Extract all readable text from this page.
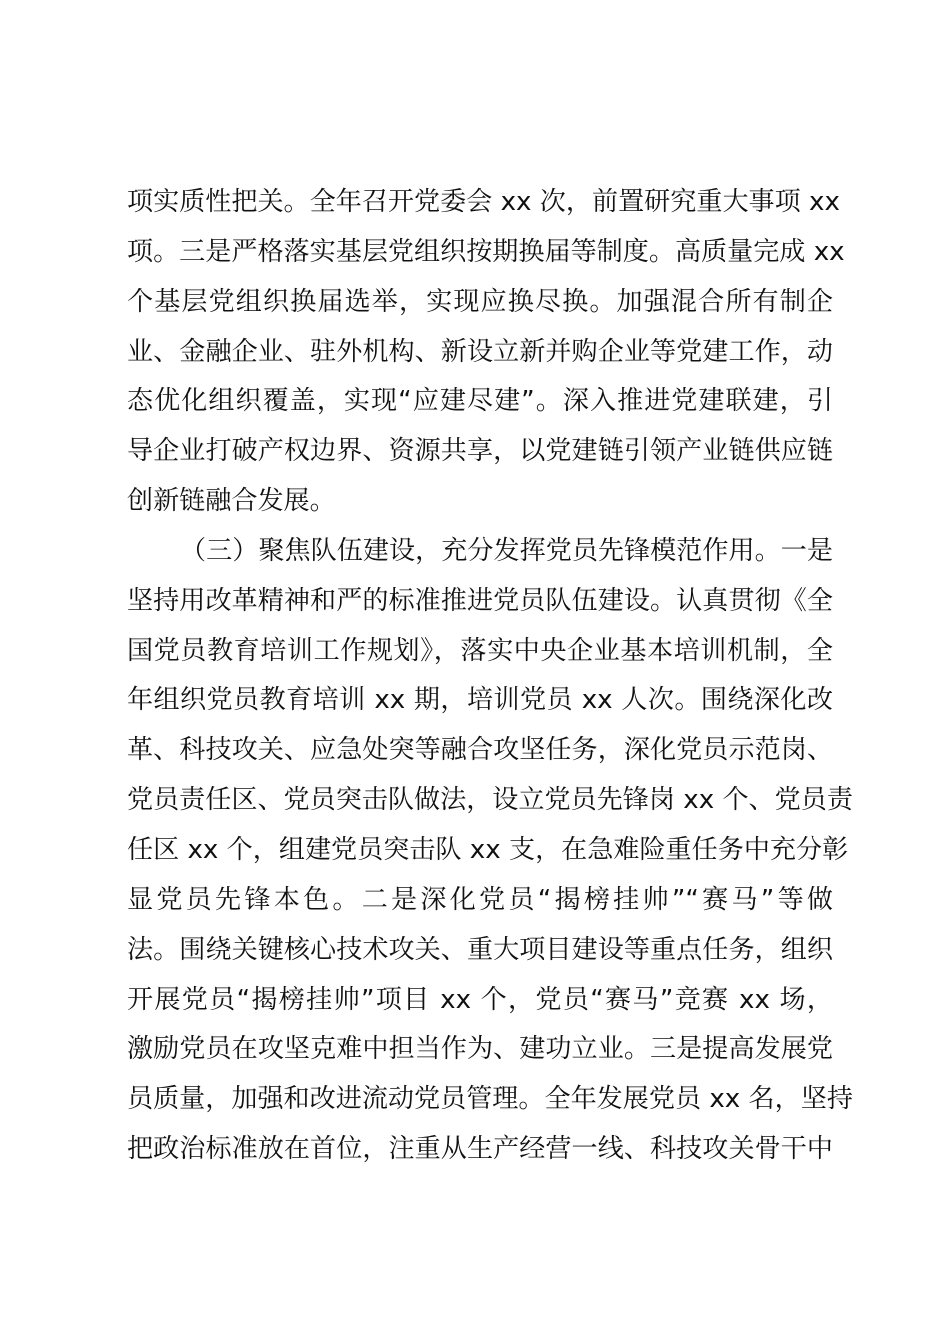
项实质性把关。全年召开党委会 xx 次，前置研究重大事项 xx
项。三是严格落实基层党组织按期换届等制度。高质量完成 xx
个基层党组织换届选举，实现应换尽换。加强混合所有制企
业、金融企业、驻外机构、新设立新并购企业等党建工作，动
态优化组织覆盖，实现“应建尽建”。深入推进党建联建，引
导企业打破产权边界、资源共享，以党建链引领产业链供应链
创新链融合发展。

（三）聚焦队伍建设，充分发挥党员先锋模范作用。一是
坚持用改革精神和严的标准推进党员队伍建设。认真贯彻《全
国党员教育培训工作规划》，落实中央企业基本培训机制，全
年组织党员教育培训 xx 期，培训党员 xx 人次。围绕深化改
革、科技攻关、应急处突等融合攻坚任务，深化党员示范岗、
党员责任区、党员突击队做法，设立党员先锋岗 xx 个、党员责
任区 xx 个，组建党员突击队 xx 支，在急难险重任务中充分彰
显党员先锋本色。二是深化党员“揭榜挂帅”“赛马”等做
法。围绕关键核心技术攻关、重大项目建设等重点任务，组织
开展党员“揭榜挂帅”项目 xx 个，党员“赛马”竞赛 xx 场，
激励党员在攻坚克难中担当作为、建功立业。三是提高发展党
员质量，加强和改进流动党员管理。全年发展党员 xx 名，坚持
把政治标准放在首位，注重从生产经营一线、科技攻关骨干中
